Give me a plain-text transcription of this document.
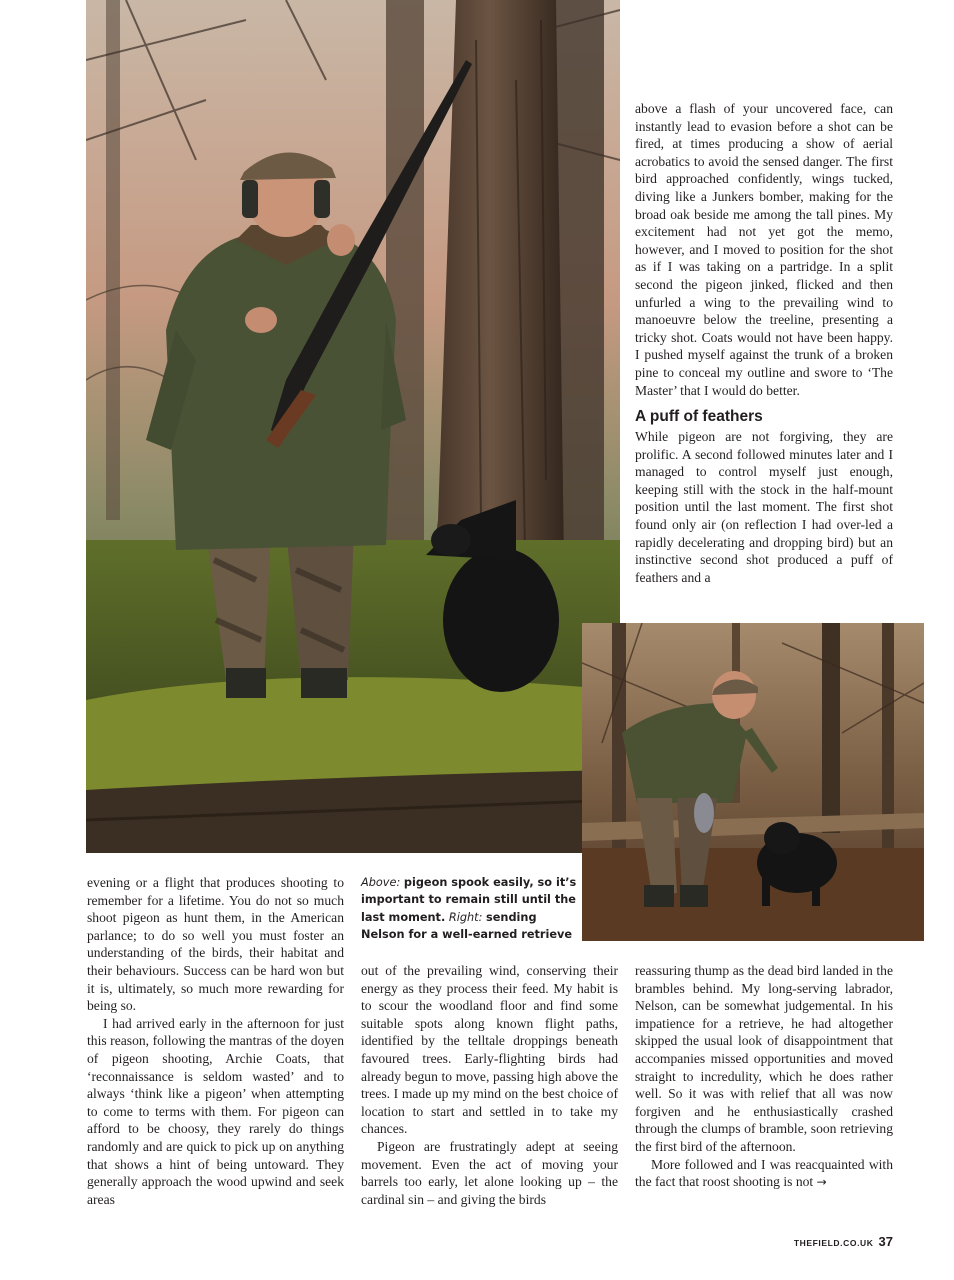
above a flash of your uncovered face, can instantly lead to evasion before a shot can be fired, at times producing a show of aerial acrobatics to avoid the sensed danger. The first bird approached confidently, wings tucked, diving like a Junkers bomber, making for the broad oak beside me among the tall pines. My excitement had not yet got the memo, however, and I moved to position for the shot as if I was taking on a partridge. In a split second the pigeon jinked, flicked and then unfurled a wing to the prevailing wind to manoeuvre below the treeline, presenting a tricky shot. Coats would not have been happy. I pushed myself against the trunk of a broken pine to conceal my outline and swore to ‘The Master’ that I would do better.

A puff of feathers

While pigeon are not forgiving, they are prolific. A second followed minutes later and I managed to control myself just enough, keeping still with the stock in the half-mount position until the last moment. The first shot found only air (on reflection I had over-led a rapidly decelerating and dropping bird) but an instinctive second shot produced a puff of feathers and a

Above: pigeon spook easily, so it’s important to remain still until the last moment. Right: sending Nelson for a well-earned retrieve

evening or a flight that produces shooting to remember for a lifetime. You do not so much shoot pigeon as hunt them, in the American parlance; to do so well you must foster an understanding of the birds, their habitat and their behaviours. Success can be hard won but it is, ultimately, so much more rewarding for being so.

I had arrived early in the afternoon for just this reason, following the mantras of the doyen of pigeon shooting, Archie Coats, that ‘reconnaissance is seldom wasted’ and to always ‘think like a pigeon’ when attempting to come to terms with them. For pigeon can afford to be choosy, they rarely do things randomly and are quick to pick up on anything that shows a hint of being untoward. They generally approach the wood upwind and seek areas

out of the prevailing wind, conserving their energy as they process their feed. My habit is to scour the woodland floor and find some suitable spots along known flight paths, identified by the telltale droppings beneath favoured trees. Early-flighting birds had already begun to move, passing high above the trees. I made up my mind on the best choice of location to start and settled in to take my chances.

Pigeon are frustratingly adept at seeing movement. Even the act of moving your barrels too early, let alone looking up – the cardinal sin – and giving the birds

reassuring thump as the dead bird landed in the brambles behind. My long-serving labrador, Nelson, can be somewhat judgemental. In his impatience for a retrieve, he had altogether skipped the usual look of disappointment that accompanies missed opportunities and moved straight to incredulity, which he does rather well. So it was with relief that all was now forgiven and he enthusiastically crashed through the clumps of bramble, soon retrieving the first bird of the afternoon.

More followed and I was reacquainted with the fact that roost shooting is not →

THEFIELD.CO.UK 37
